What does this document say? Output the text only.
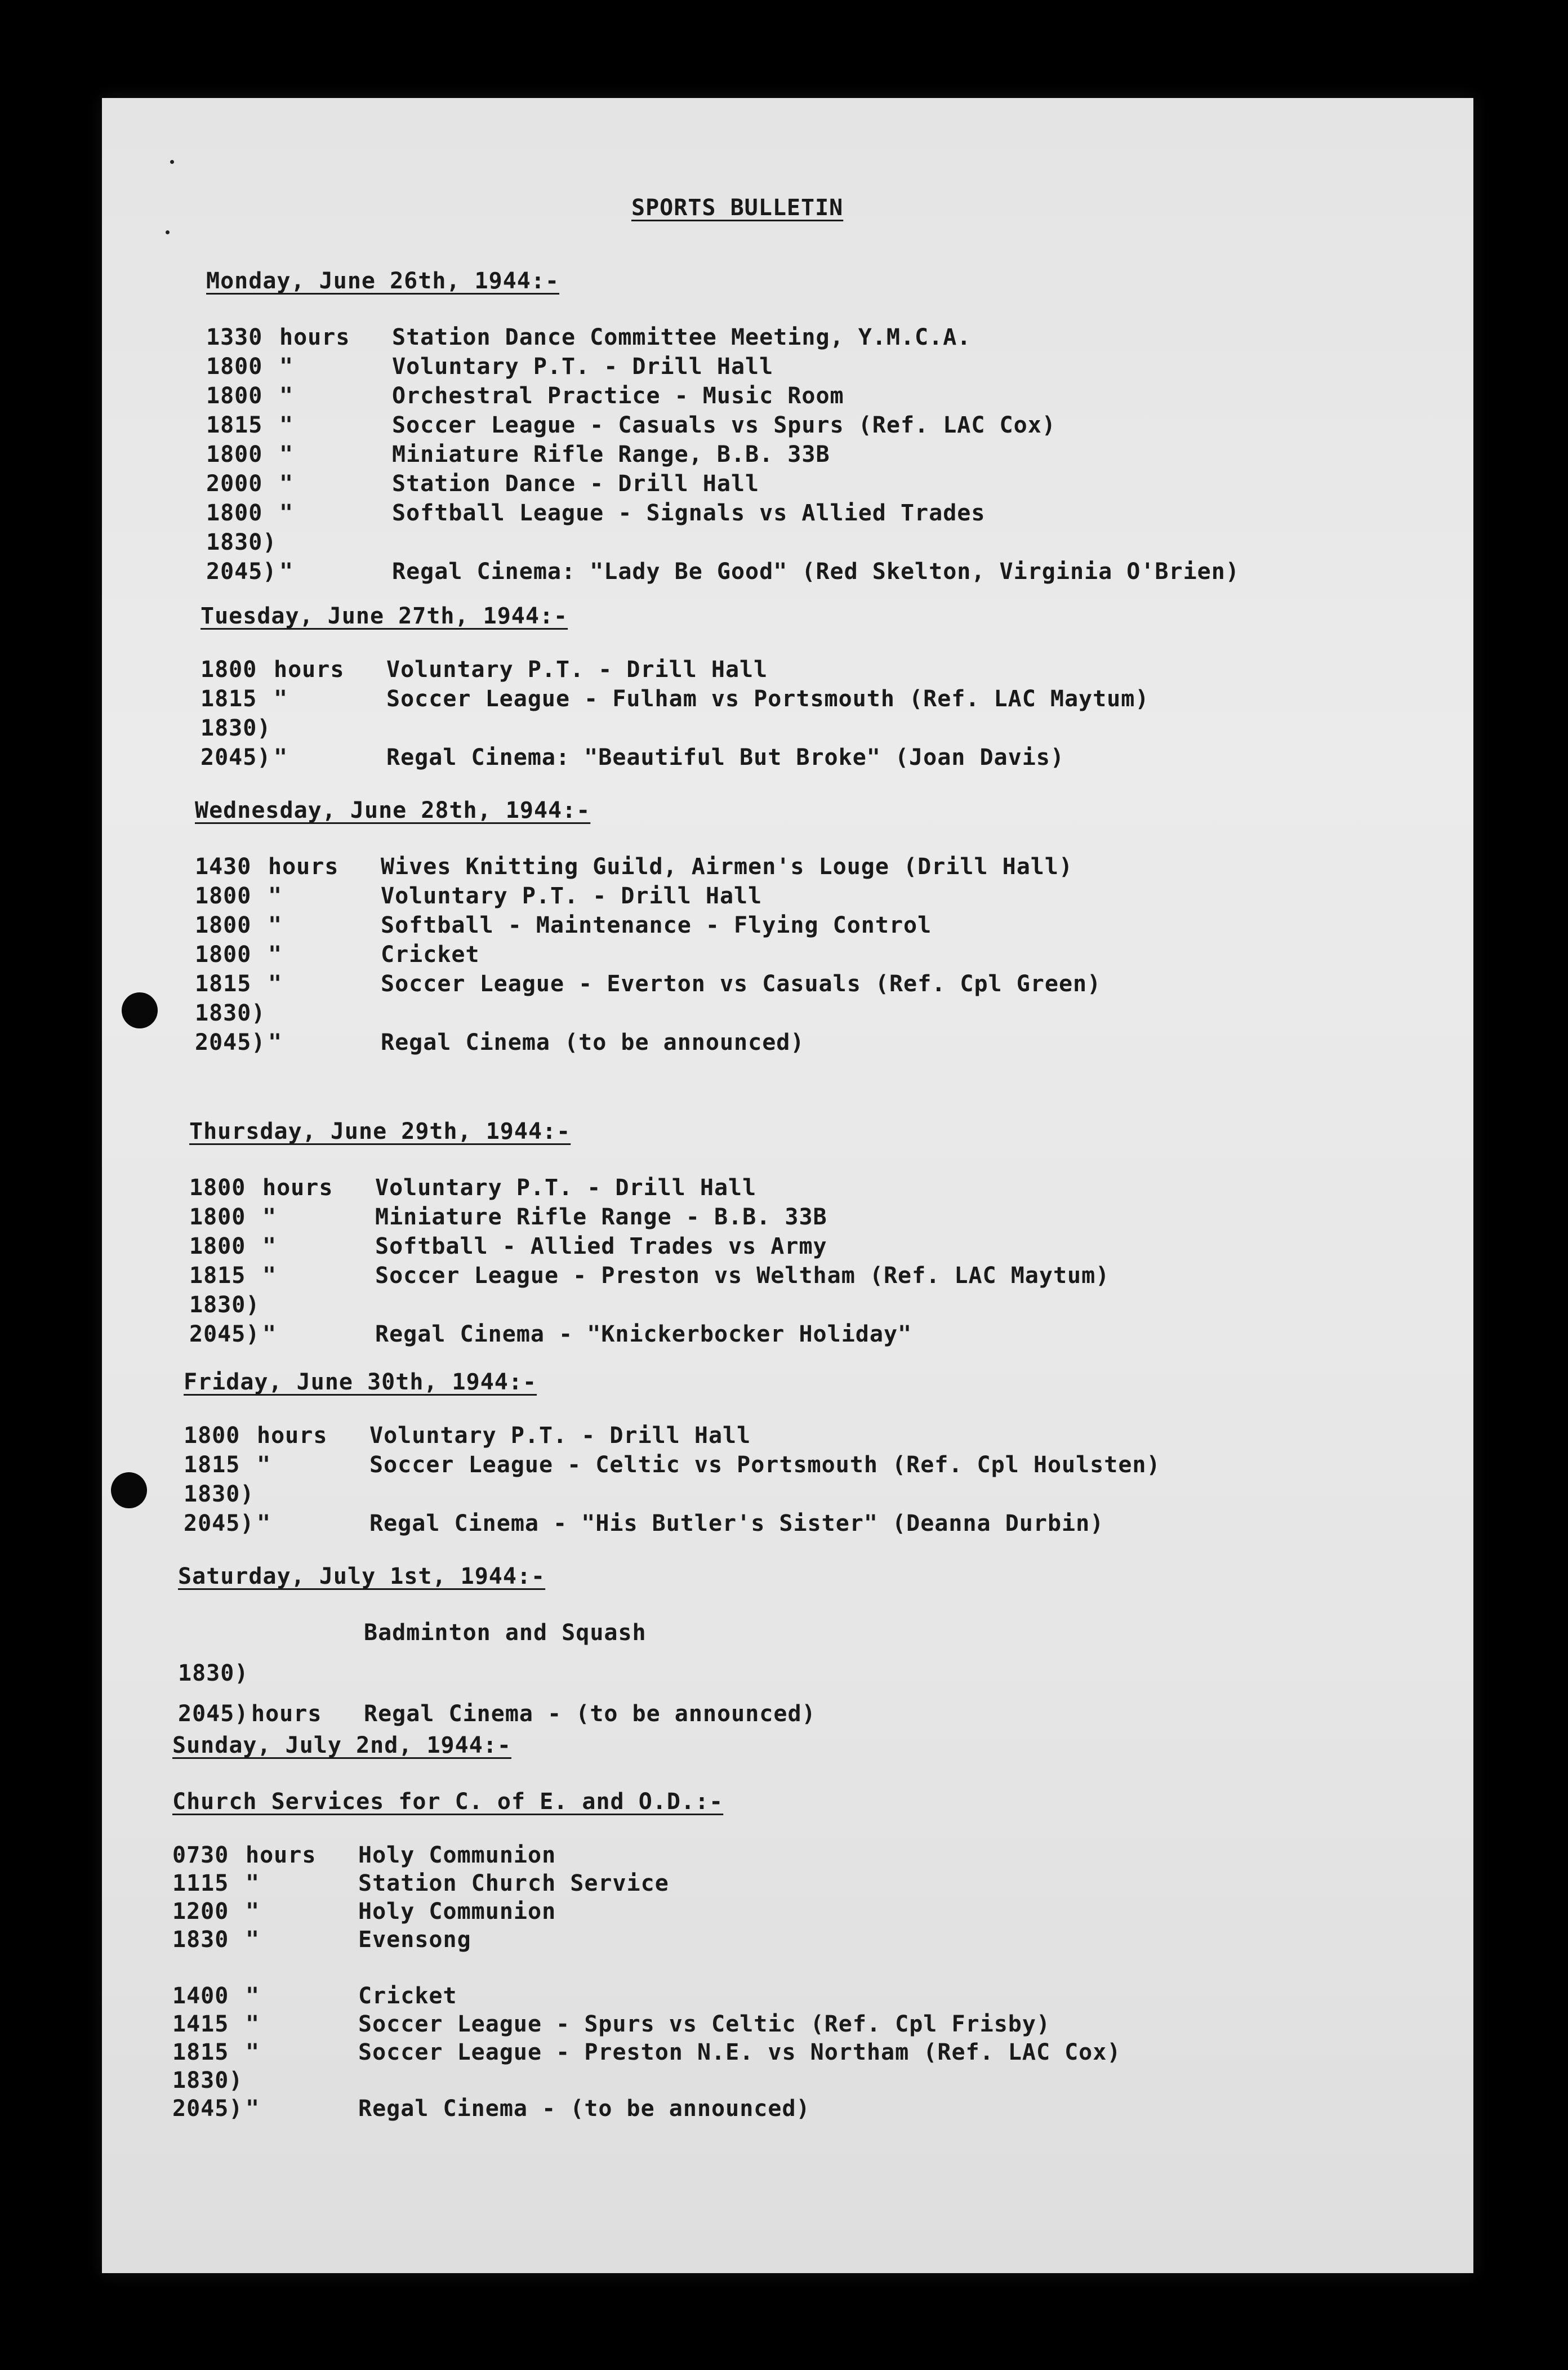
SPORTS BULLETIN
Monday, June 26th, 1944:-
1330 hours Station Dance Committee Meeting, Y.M.C.A.
1800 "	Voluntary P.T. - Drill Hall
1800 "	Orchestral Practice - Music Room
1815 "	Soccer League - Casuals vs Spurs (Ref. LAC Cox)
1800 "	Miniature Rifle Range, B.B. 33B
2000 "	Station Dance - Drill Hall
1800 "	Softball League - Signals vs Allied Trades
1830)
2045) "	Regal Cinema: "Lady Be Good" (Red Skelton, Virginia O'Brien)
Tuesday, June 27th, 1944:-
1800 hours Voluntary P.T. - Drill Hall
1815 "	Soccer League - Fulham vs Portsmouth (Ref. LAC Maytum)
1830)
2045) "	Regal Cinema: "Beautiful But Broke" (Joan Davis)
Wednesday, June 28th, 1944:-
1430 hours Wives Knitting Guild, Airmen's Louge (Drill Hall)
1800 "	Voluntary P.T. - Drill Hall
1800 "	Softball - Maintenance - Flying Control
1800 "	Cricket
1815 "	Soccer League - Everton vs Casuals (Ref. Cpl Green)
1830)
2045) "	Regal Cinema (to be announced)
Thursday, June 29th, 1944:-
1800 hours Voluntary P.T. - Drill Hall
1800 "	Miniature Rifle Range - B.B. 33B
1800 "	Softball - Allied Trades vs Army
1815 "	Soccer League - Preston vs Weltham (Ref. LAC Maytum)
1830)
2045) "	Regal Cinema - "Knickerbocker Holiday"
Friday, June 30th, 1944:-
1800 hours Voluntary P.T. - Drill Hall
1815 "	Soccer League - Celtic vs Portsmouth (Ref. Cpl Houlsten)
1830)
2045) "	Regal Cinema - "His Butler's Sister" (Deanna Durbin)
Saturday, July 1st, 1944:-
Badminton and Squash
1830)
2045) hours Regal Cinema - (to be announced)
Sunday, July 2nd, 1944:-
Church Services for C. of E. and O.D.:-
0730 hours Holy Communion
1115 "	Station Church Service
1200 "	Holy Communion
1830 "	Evensong
1400 "	Cricket
1415 "	Soccer League - Spurs vs Celtic (Ref. Cpl Frisby)
1815 "	Soccer League - Preston N.E. vs Northam (Ref. LAC Cox)
1830)
2045) "	Regal Cinema - (to be announced)
